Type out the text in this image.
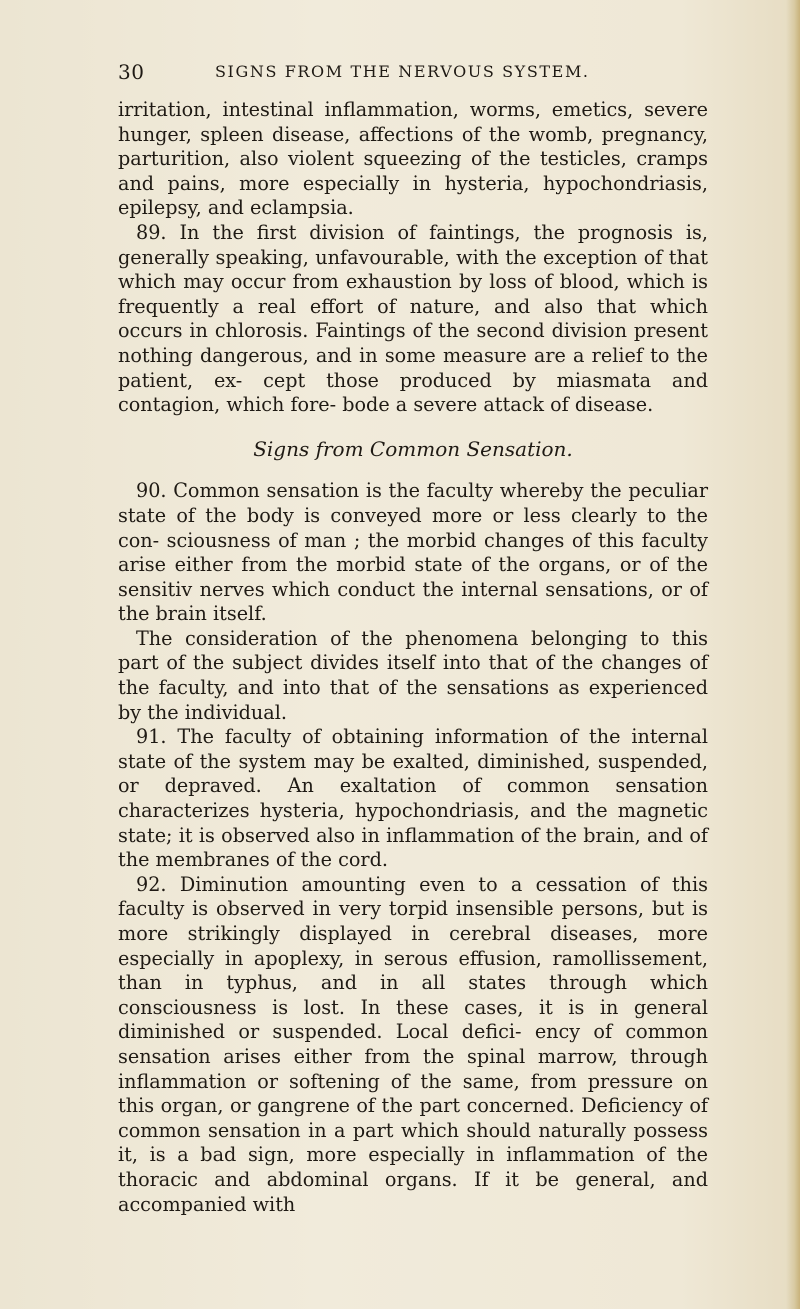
30	SIGNS FROM THE NERVOUS SYSTEM.

irritation, intestinal inflammation, worms, emetics, severe hunger, spleen disease, affections of the womb, pregnancy, parturition, also violent squeezing of the testicles, cramps and pains, more especially in hysteria, hypochondriasis, epilepsy, and eclampsia.

89. In the first division of faintings, the prognosis is, generally speaking, unfavourable, with the exception of that which may occur from exhaustion by loss of blood, which is frequently a real effort of nature, and also that which occurs in chlorosis. Faintings of the second division present nothing dangerous, and in some measure are a relief to the patient, ex- cept those produced by miasmata and contagion, which fore- bode a severe attack of disease.

Signs from Common Sensation.

90. Common sensation is the faculty whereby the peculiar state of the body is conveyed more or less clearly to the con- sciousness of man ; the morbid changes of this faculty arise either from the morbid state of the organs, or of the sensitiv nerves which conduct the internal sensations, or of the brain itself.

The consideration of the phenomena belonging to this part of the subject divides itself into that of the changes of the faculty, and into that of the sensations as experienced by the individual.

91. The faculty of obtaining information of the internal state of the system may be exalted, diminished, suspended, or depraved. An exaltation of common sensation characterizes hysteria, hypochondriasis, and the magnetic state; it is observed also in inflammation of the brain, and of the membranes of the cord.

92. Diminution amounting even to a cessation of this faculty is observed in very torpid insensible persons, but is more strikingly displayed in cerebral diseases, more especially in apoplexy, in serous effusion, ramollissement, than in typhus, and in all states through which consciousness is lost. In these cases, it is in general diminished or suspended. Local defici- ency of common sensation arises either from the spinal marrow, through inflammation or softening of the same, from pressure on this organ, or gangrene of the part concerned. Deficiency of common sensation in a part which should naturally possess it, is a bad sign, more especially in inflammation of the thoracic and abdominal organs. If it be general, and accompanied with
